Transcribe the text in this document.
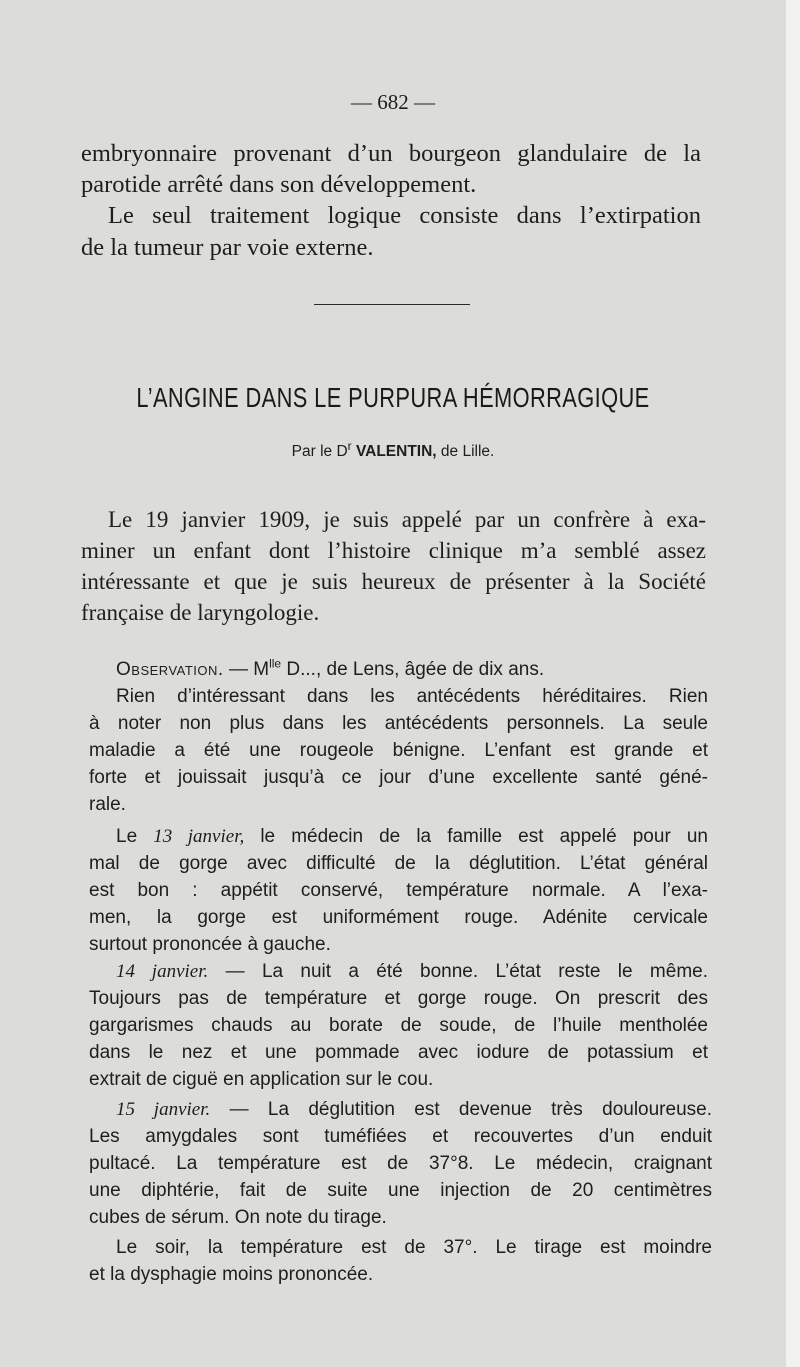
— 682 —
embryonnaire provenant d’un bourgeon glandulaire de la
parotide arrêté dans son développement.
Le seul traitement logique consiste dans l’extirpation
de la tumeur par voie externe.
L’ANGINE DANS LE PURPURA HÉMORRAGIQUE
Par le $D^r$ VALENTIN, de Lille.
Le 19 janvier 1909, je suis appelé par un confrère à exa-
miner un enfant dont l’histoire clinique m’a semblé assez
intéressante et que je suis heureux de présenter à la Société
française de laryngologie.
Observation. — $M^{lle}$ D..., de Lens, âgée de dix ans.
Rien d’intéressant dans les antécédents héréditaires. Rien
à noter non plus dans les antécédents personnels. La seule
maladie a été une rougeole bénigne. L’enfant est grande et
forte et jouissait jusqu’à ce jour d’une excellente santé géné-
rale.
Le 13 janvier, le médecin de la famille est appelé pour un
mal de gorge avec difficulté de la déglutition. L’état général
est bon : appétit conservé, température normale. A l’exa-
men, la gorge est uniformément rouge. Adénite cervicale
surtout prononcée à gauche.
14 janvier. — La nuit a été bonne. L’état reste le même.
Toujours pas de température et gorge rouge. On prescrit des
gargarismes chauds au borate de soude, de l’huile mentholée
dans le nez et une pommade avec iodure de potassium et
extrait de ciguë en application sur le cou.
15 janvier. — La déglutition est devenue très douloureuse.
Les amygdales sont tuméfiées et recouvertes d’un enduit
pultacé. La température est de 37°8. Le médecin, craignant
une diphtérie, fait de suite une injection de 20 centimètres
cubes de sérum. On note du tirage.
Le soir, la température est de 37°. Le tirage est moindre
et la dysphagie moins prononcée.
